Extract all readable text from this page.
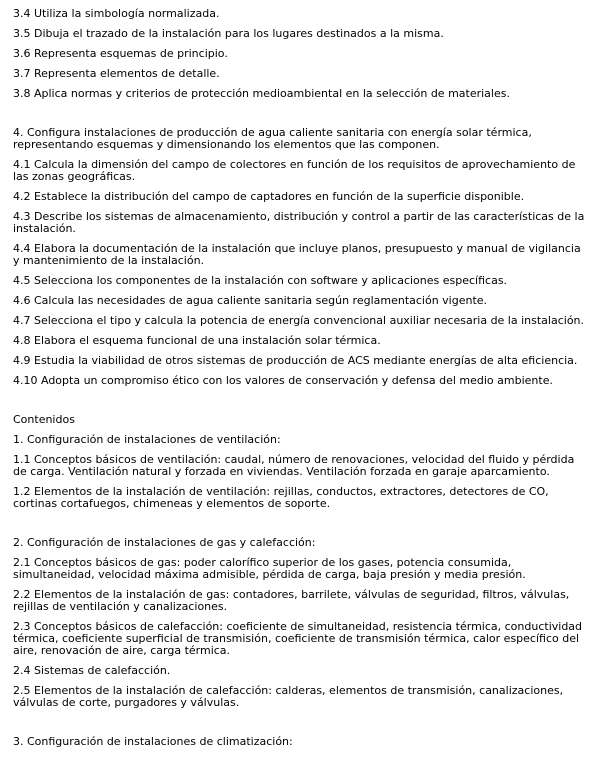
3.4 Utiliza la simbología normalizada.
3.5 Dibuja el trazado de la instalación para los lugares destinados a la misma.
3.6 Representa esquemas de principio.
3.7 Representa elementos de detalle.
3.8 Aplica normas y criterios de protección medioambiental en la selección de materiales.
4. Configura instalaciones de producción de agua caliente sanitaria con energía solar térmica, representando esquemas y dimensionando los elementos que las componen.
4.1 Calcula la dimensión del campo de colectores en función de los requisitos de aprovechamiento de las zonas geográficas.
4.2 Establece la distribución del campo de captadores en función de la superficie disponible.
4.3 Describe los sistemas de almacenamiento, distribución y control a partir de las características de la instalación.
4.4 Elabora la documentación de la instalación que incluye planos, presupuesto y manual de vigilancia y mantenimiento de la instalación.
4.5 Selecciona los componentes de la instalación con software y aplicaciones específicas.
4.6 Calcula las necesidades de agua caliente sanitaria según reglamentación vigente.
4.7 Selecciona el tipo y calcula la potencia de energía convencional auxiliar necesaria de la instalación.
4.8 Elabora el esquema funcional de una instalación solar térmica.
4.9 Estudia la viabilidad de otros sistemas de producción de ACS mediante energías de alta eficiencia.
4.10 Adopta un compromiso ético con los valores de conservación y defensa del medio ambiente.
Contenidos
1. Configuración de instalaciones de ventilación:
1.1 Conceptos básicos de ventilación: caudal, número de renovaciones, velocidad del fluido y pérdida de carga. Ventilación natural y forzada en viviendas. Ventilación forzada en garaje aparcamiento.
1.2 Elementos de la instalación de ventilación: rejillas, conductos, extractores, detectores de CO, cortinas cortafuegos, chimeneas y elementos de soporte.
2. Configuración de instalaciones de gas y calefacción:
2.1 Conceptos básicos de gas: poder calorífico superior de los gases, potencia consumida, simultaneidad, velocidad máxima admisible, pérdida de carga, baja presión y media presión.
2.2 Elementos de la instalación de gas: contadores, barrilete, válvulas de seguridad, filtros, válvulas, rejillas de ventilación y canalizaciones.
2.3 Conceptos básicos de calefacción: coeficiente de simultaneidad, resistencia térmica, conductividad térmica, coeficiente superficial de transmisión, coeficiente de transmisión térmica, calor específico del aire, renovación de aire, carga térmica.
2.4 Sistemas de calefacción.
2.5 Elementos de la instalación de calefacción: calderas, elementos de transmisión, canalizaciones, válvulas de corte, purgadores y válvulas.
3. Configuración de instalaciones de climatización:
